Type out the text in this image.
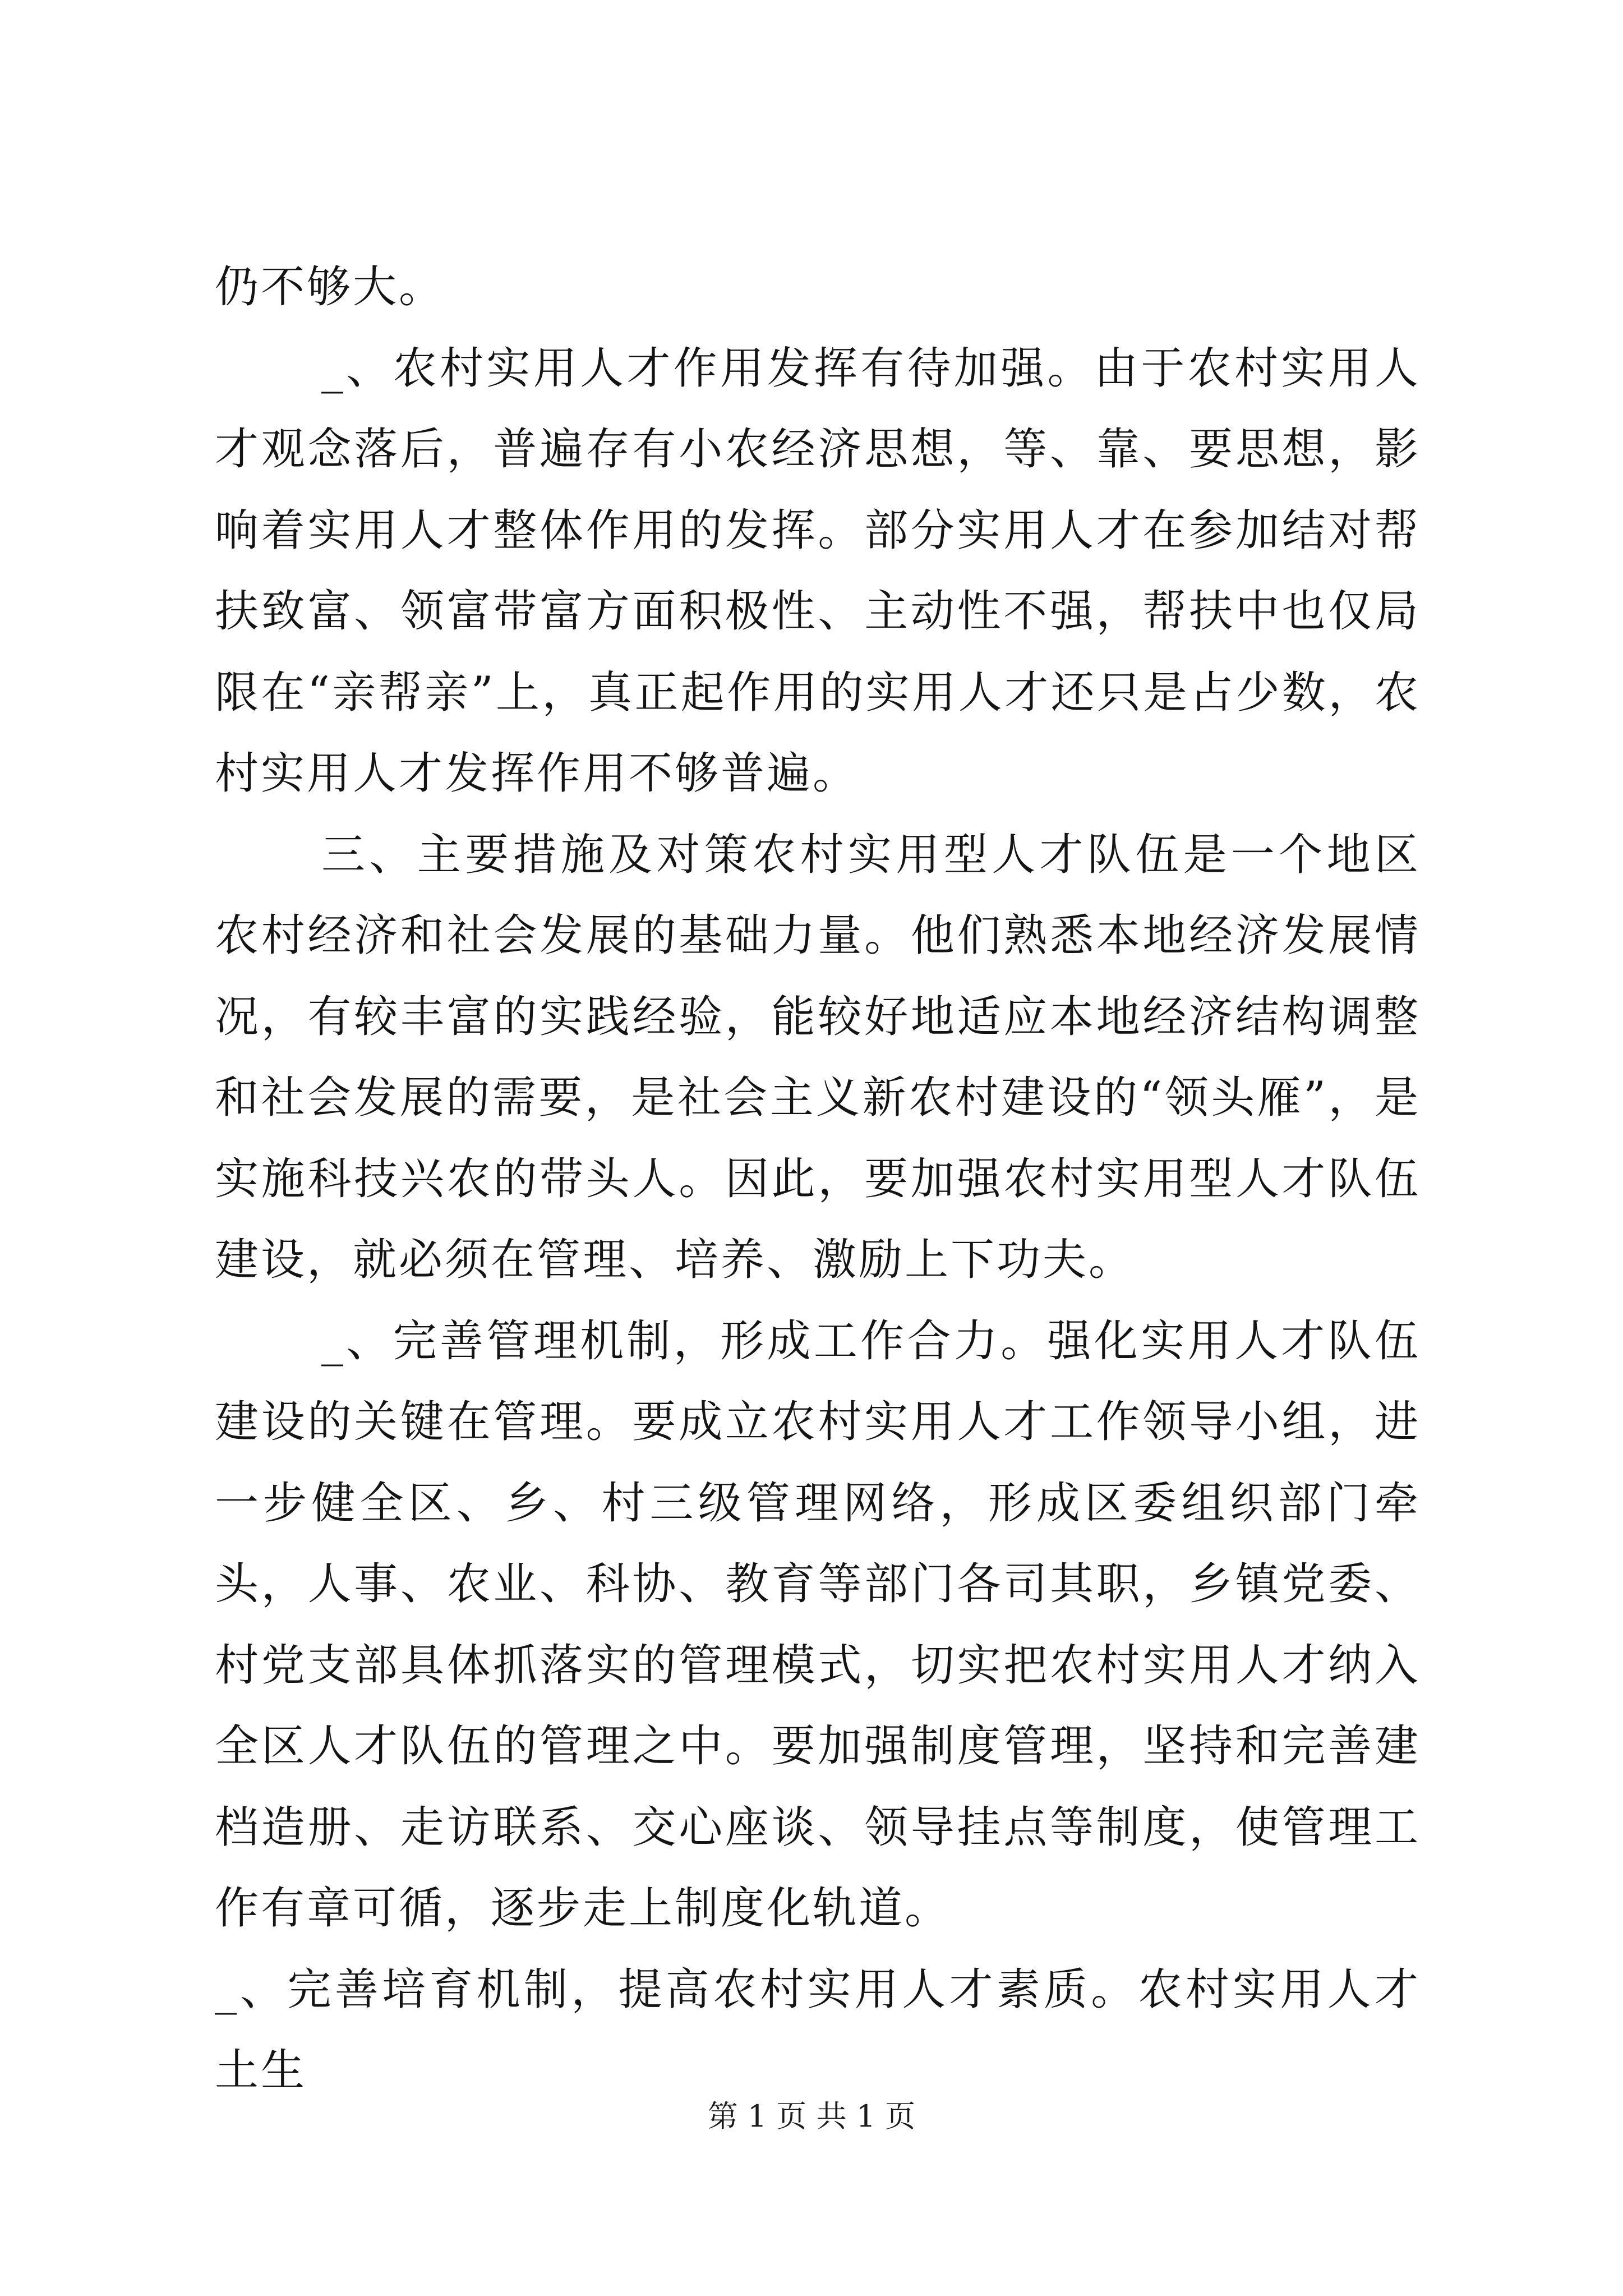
仍不够大。

_、农村实用人才作用发挥有待加强。由于农村实用人才观念落后，普遍存有小农经济思想，等、靠、要思想，影响着实用人才整体作用的发挥。部分实用人才在参加结对帮扶致富、领富带富方面积极性、主动性不强，帮扶中也仅局限在“亲帮亲”上，真正起作用的实用人才还只是占少数，农村实用人才发挥作用不够普遍。

三、主要措施及对策农村实用型人才队伍是一个地区农村经济和社会发展的基础力量。他们熟悉本地经济发展情况，有较丰富的实践经验，能较好地适应本地经济结构调整和社会发展的需要，是社会主义新农村建设的“领头雁”，是实施科技兴农的带头人。因此，要加强农村实用型人才队伍建设，就必须在管理、培养、激励上下功夫。

_、完善管理机制，形成工作合力。强化实用人才队伍建设的关键在管理。要成立农村实用人才工作领导小组，进一步健全区、乡、村三级管理网络，形成区委组织部门牵头，人事、农业、科协、教育等部门各司其职，乡镇党委、村党支部具体抓落实的管理模式，切实把农村实用人才纳入全区人才队伍的管理之中。要加强制度管理，坚持和完善建档造册、走访联系、交心座谈、领导挂点等制度，使管理工作有章可循，逐步走上制度化轨道。

_、完善培育机制，提高农村实用人才素质。农村实用人才土生

第 1 页 共 1 页
